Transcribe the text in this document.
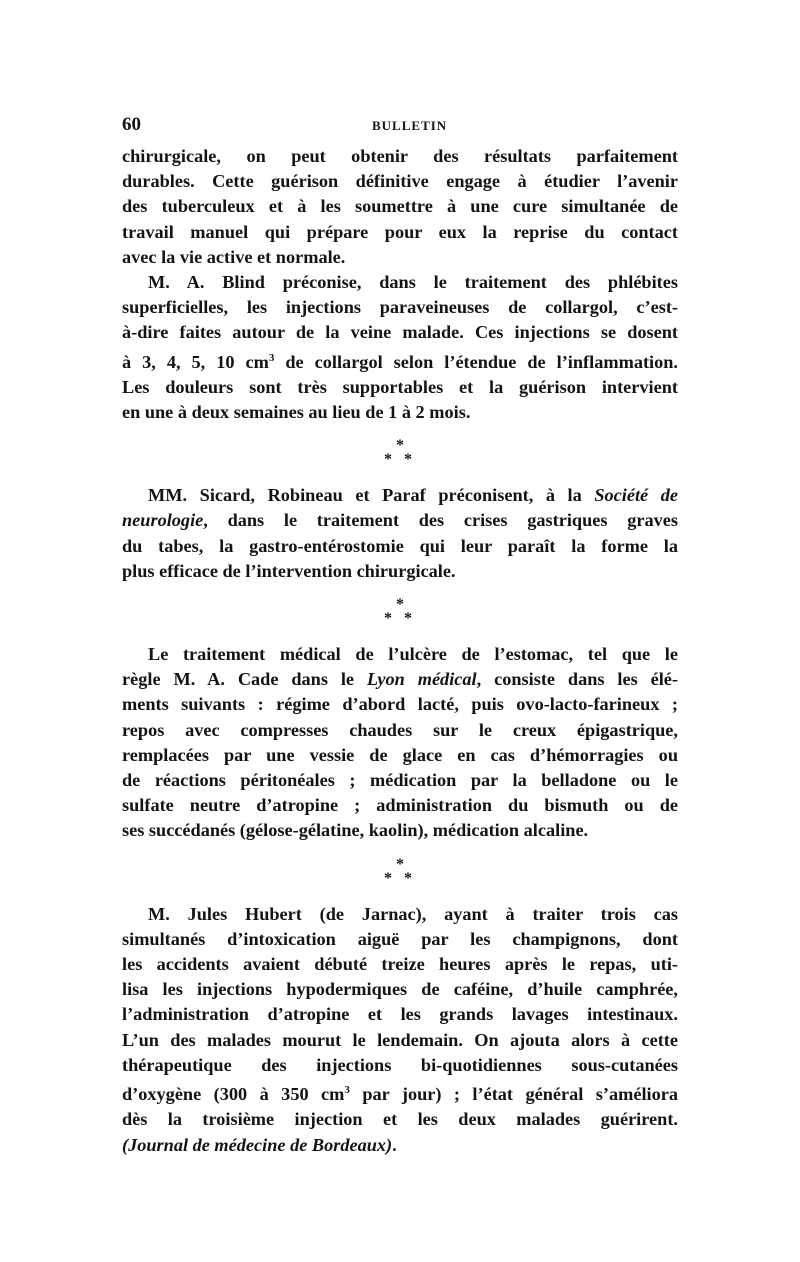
60	BULLETIN
chirurgicale, on peut obtenir des résultats parfaitement
durables. Cette guérison définitive engage à étudier l’avenir
des tuberculeux et à les soumettre à une cure simultanée de
travail manuel qui prépare pour eux la reprise du contact
avec la vie active et normale.
M. A. Blind préconise, dans le traitement des phlébites
superficielles, les injections paraveineuses de collargol, c’est-
à-dire faites autour de la veine malade. Ces injections se dosent
à 3, 4, 5, 10 $cm^3$ de collargol selon l’étendue de l’inflammation.
Les douleurs sont très supportables et la guérison intervient
en une à deux semaines au lieu de 1 à 2 mois.
*
* *
MM. Sicard, Robineau et Paraf préconisent, à la Société de
neurologie, dans le traitement des crises gastriques graves
du tabes, la gastro-entérostomie qui leur paraît la forme la
plus efficace de l’intervention chirurgicale.
*
* *
Le traitement médical de l’ulcère de l’estomac, tel que le
règle M. A. Cade dans le Lyon médical, consiste dans les élé-
ments suivants : régime d’abord lacté, puis ovo-lacto-farineux ;
repos avec compresses chaudes sur le creux épigastrique,
remplacées par une vessie de glace en cas d’hémorragies ou
de réactions péritonéales ; médication par la belladone ou le
sulfate neutre d’atropine ; administration du bismuth ou de
ses succédanés (gélose-gélatine, kaolin), médication alcaline.
*
* *
M. Jules Hubert (de Jarnac), ayant à traiter trois cas
simultanés d’intoxication aiguë par les champignons, dont
les accidents avaient débuté treize heures après le repas, uti-
lisa les injections hypodermiques de caféine, d’huile camphrée,
l’administration d’atropine et les grands lavages intestinaux.
L’un des malades mourut le lendemain. On ajouta alors à cette
thérapeutique des injections bi-quotidiennes sous-cutanées
d’oxygène (300 à 350 $cm^3$ par jour) ; l’état général s’améliora
dès la troisième injection et les deux malades guérirent.
(Journal de médecine de Bordeaux).
